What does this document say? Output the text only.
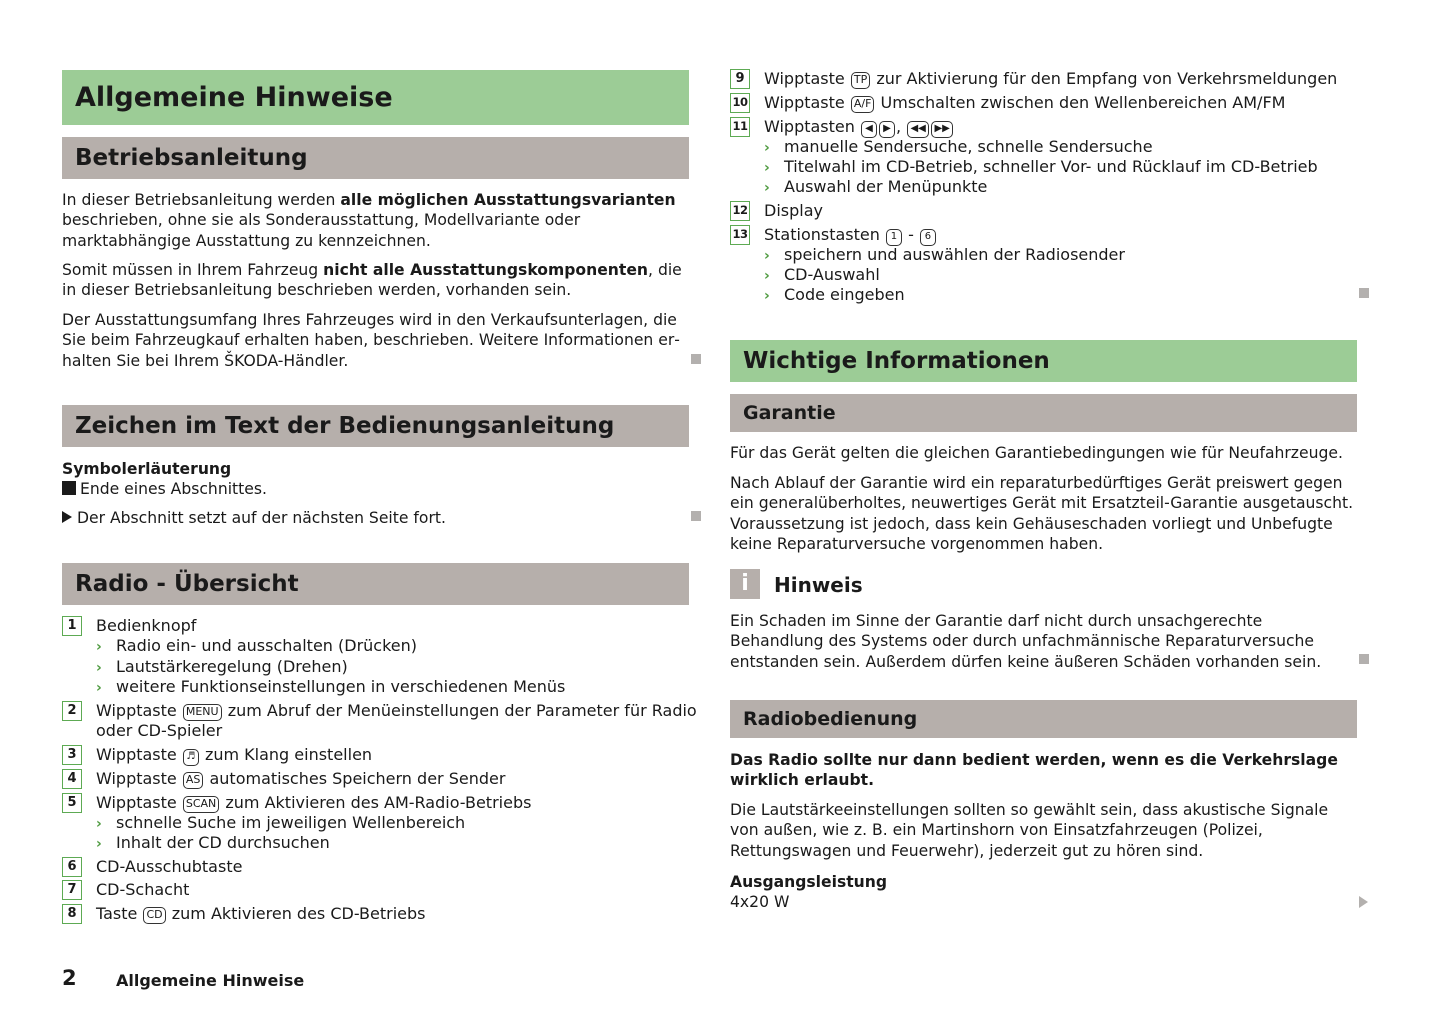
Allgemeine Hinweise
Betriebsanleitung
In dieser Betriebsanleitung werden alle möglichen Ausstattungsvarianten beschrieben, ohne sie als Sonderausstattung, Modellvariante oder marktabhängige Ausstattung zu kennzeichnen.
Somit müssen in Ihrem Fahrzeug nicht alle Ausstattungskomponenten, die in dieser Betriebsanleitung beschrieben werden, vorhanden sein.
Der Ausstattungsumfang Ihres Fahrzeuges wird in den Verkaufsunterlagen, die Sie beim Fahrzeugkauf erhalten haben, beschrieben. Weitere Informationen erhalten Sie bei Ihrem ŠKODA-Händler.
Zeichen im Text der Bedienungsanleitung
Symbolerläuterung
Ende eines Abschnittes.
Der Abschnitt setzt auf der nächsten Seite fort.
Radio - Übersicht
1	Bedienknopf
› Radio ein- und ausschalten (Drücken)
› Lautstärkeregelung (Drehen)
› weitere Funktionseinstellungen in verschiedenen Menüs
2	Wipptaste MENU zum Abruf der Menüeinstellungen der Parameter für Radio
oder CD-Spieler
3	Wipptaste ♬ zum Klang einstellen
4	Wipptaste AS automatisches Speichern der Sender
5	Wipptaste SCAN zum Aktivieren des AM-Radio-Betriebs
› schnelle Suche im jeweiligen Wellenbereich
› Inhalt der CD durchsuchen
6	CD-Ausschubtaste
7	CD-Schacht
8	Taste CD zum Aktivieren des CD-Betriebs
9	Wipptaste TP zur Aktivierung für den Empfang von Verkehrsmeldungen
10 Wipptaste A/F Umschalten zwischen den Wellenbereichen AM/FM
11 Wipptasten ◀ ▶ , ◀◀ ▶▶
› manuelle Sendersuche, schnelle Sendersuche
› Titelwahl im CD-Betrieb, schneller Vor- und Rücklauf im CD-Betrieb
› Auswahl der Menüpunkte
12 Display
13 Stationstasten 1 - 6
› speichern und auswählen der Radiosender
› CD-Auswahl
› Code eingeben
Wichtige Informationen
Garantie
Für das Gerät gelten die gleichen Garantiebedingungen wie für Neufahrzeuge.
Nach Ablauf der Garantie wird ein reparaturbedürftiges Gerät preiswert gegen ein generalüberholtes, neuwertiges Gerät mit Ersatzteil-Garantie ausgetauscht. Voraussetzung ist jedoch, dass kein Gehäuseschaden vorliegt und Unbefugte keine Reparaturversuche vorgenommen haben.
i	Hinweis
Ein Schaden im Sinne der Garantie darf nicht durch unsachgerechte Behandlung des Systems oder durch unfachmännische Reparaturversuche entstanden sein. Außerdem dürfen keine äußeren Schäden vorhanden sein.
Radiobedienung
Das Radio sollte nur dann bedient werden, wenn es die Verkehrslage wirklich erlaubt.
Die Lautstärkeeinstellungen sollten so gewählt sein, dass akustische Signale von außen, wie z. B. ein Martinshorn von Einsatzfahrzeugen (Polizei, Rettungswagen und Feuerwehr), jederzeit gut zu hören sind.
Ausgangsleistung
4x20 W
2 Allgemeine Hinweise
